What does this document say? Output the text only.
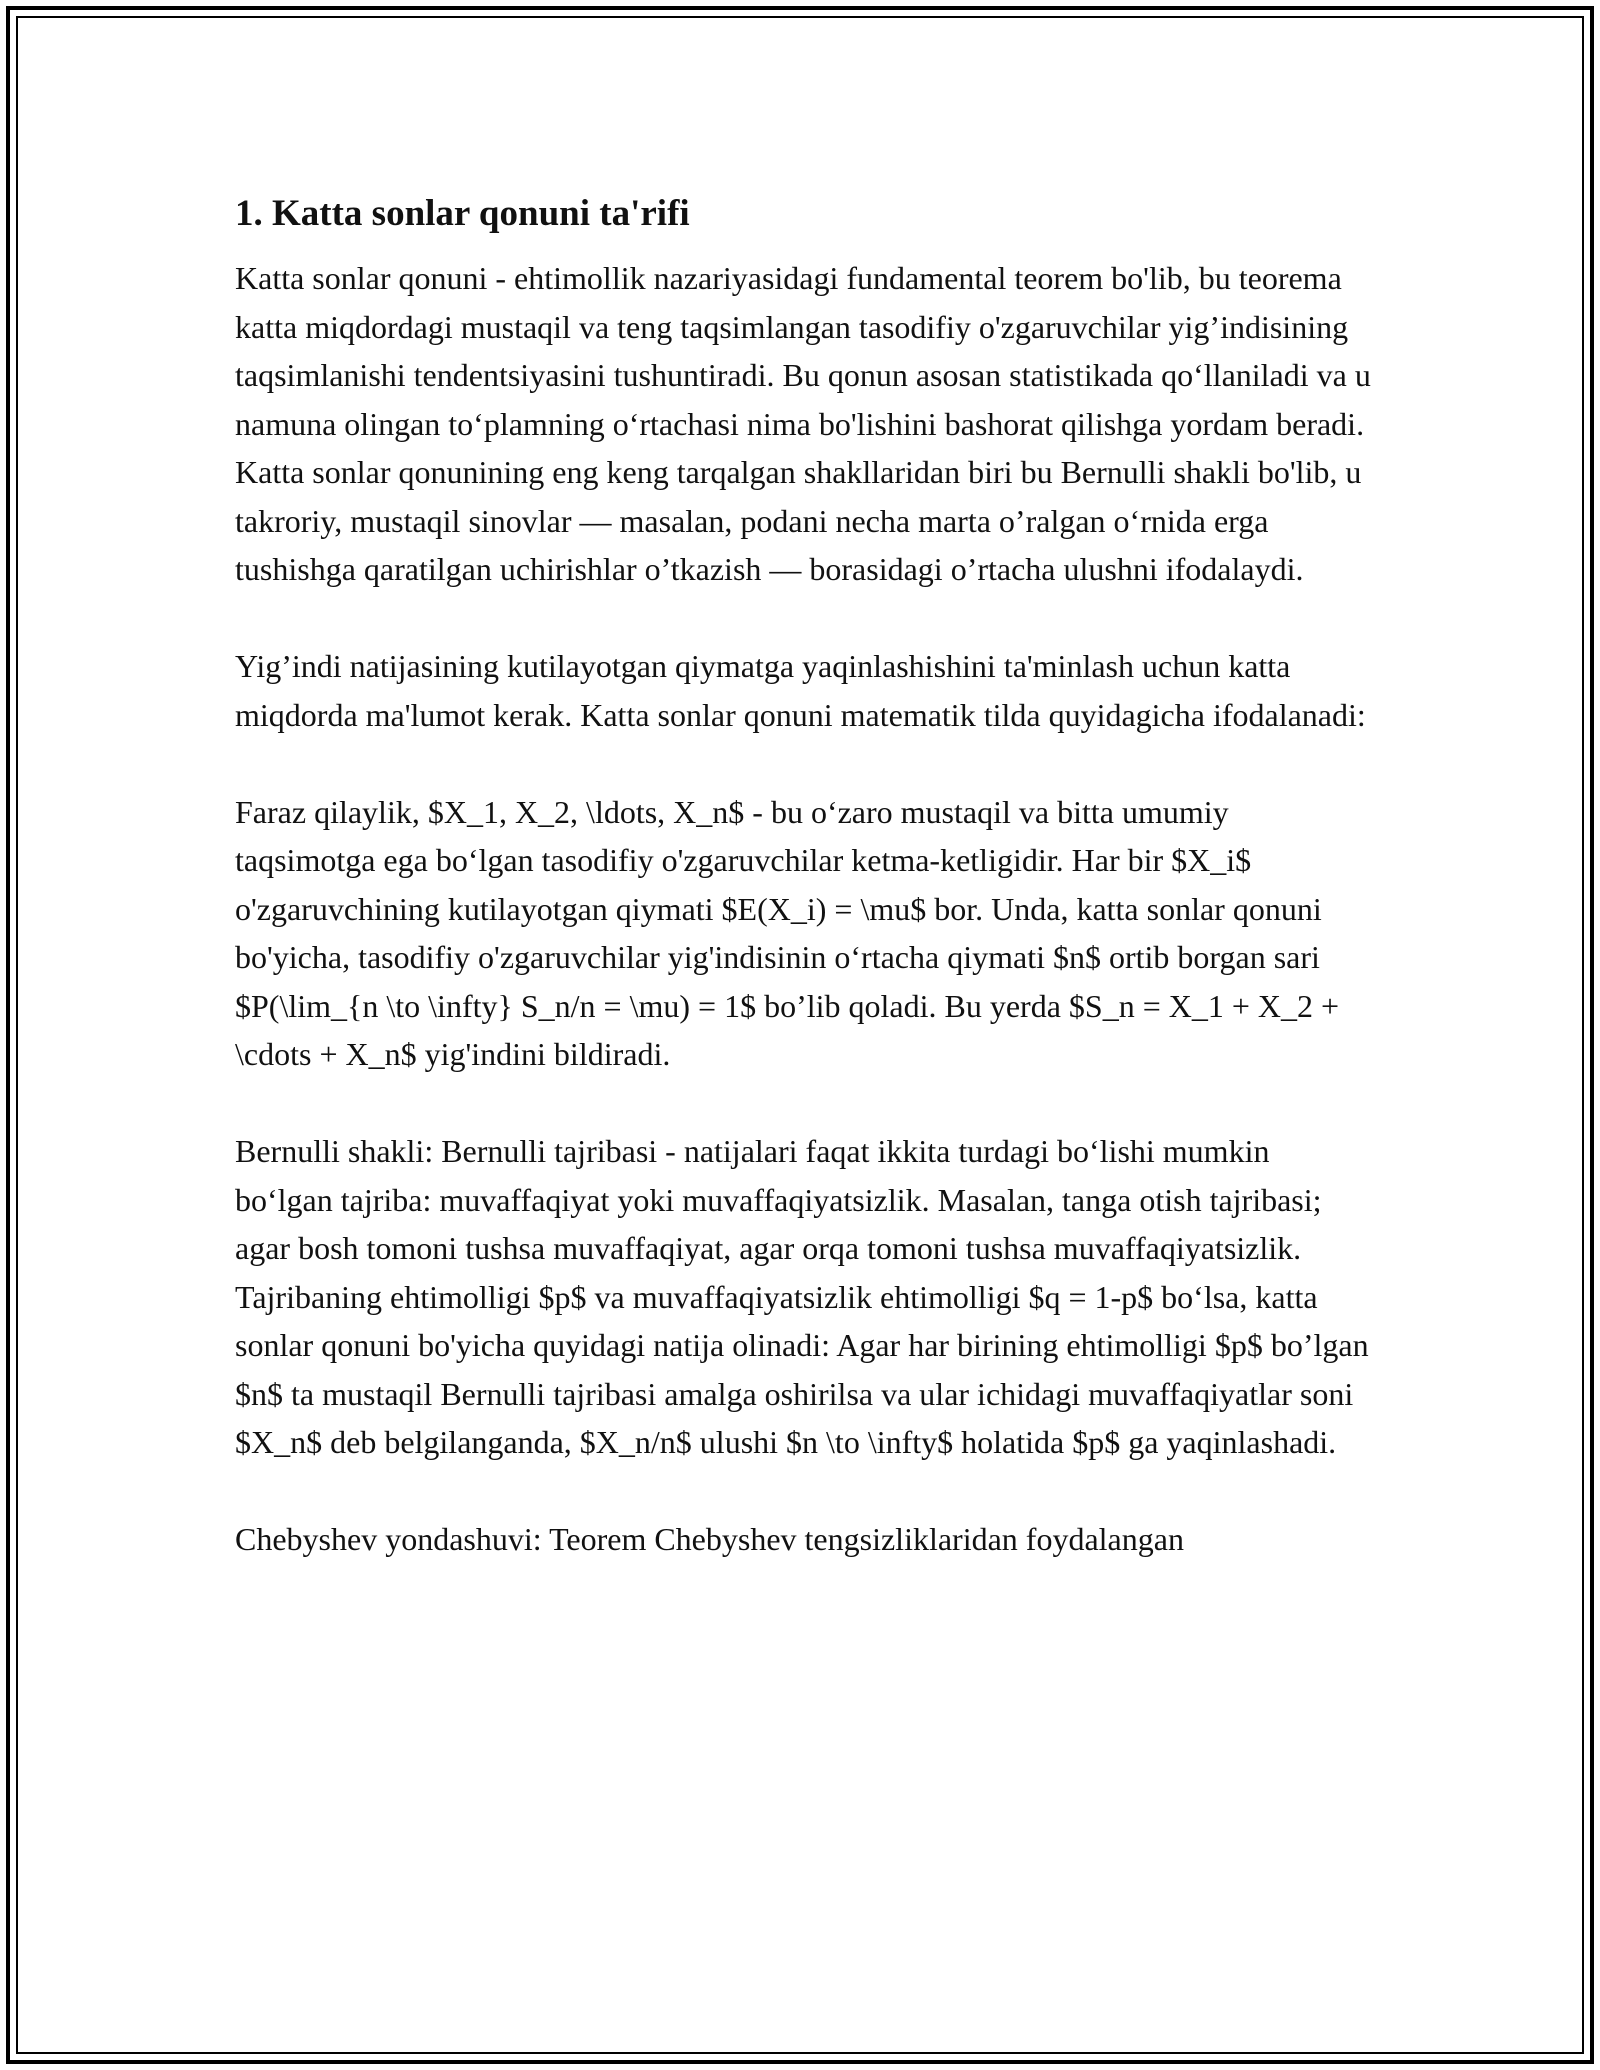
1. Katta sonlar qonuni ta'rifi

Katta sonlar qonuni - ehtimollik nazariyasidagi fundamental teorem bo'lib, bu teorema katta miqdordagi mustaqil va teng taqsimlangan tasodifiy o'zgaruvchilar yig’indisining taqsimlanishi tendentsiyasini tushuntiradi. Bu qonun asosan statistikada qo‘llaniladi va u namuna olingan to‘plamning o‘rtachasi nima bo'lishini bashorat qilishga yordam beradi. Katta sonlar qonunining eng keng tarqalgan shakllaridan biri bu Bernulli shakli bo'lib, u takroriy, mustaqil sinovlar — masalan, podani necha marta o’ralgan o‘rnida erga tushishga qaratilgan uchirishlar o’tkazish — borasidagi o’rtacha ulushni ifodalaydi.

Yig’indi natijasining kutilayotgan qiymatga yaqinlashishini ta'minlash uchun katta miqdorda ma'lumot kerak. Katta sonlar qonuni matematik tilda quyidagicha ifodalanadi:

Faraz qilaylik, $X_1, X_2, \ldots, X_n$ - bu o‘zaro mustaqil va bitta umumiy taqsimotga ega bo‘lgan tasodifiy o'zgaruvchilar ketma-ketligidir. Har bir $X_i$ o'zgaruvchining kutilayotgan qiymati $E(X_i) = \mu$ bor. Unda, katta sonlar qonuni bo'yicha, tasodifiy o'zgaruvchilar yig'indisinin o‘rtacha qiymati $n$ ortib borgan sari $P(\lim_{n \to \infty} S_n/n = \mu) = 1$ bo’lib qoladi. Bu yerda $S_n = X_1 + X_2 + \cdots + X_n$ yig'indini bildiradi.

Bernulli shakli: Bernulli tajribasi - natijalari faqat ikkita turdagi bo‘lishi mumkin bo‘lgan tajriba: muvaffaqiyat yoki muvaffaqiyatsizlik. Masalan, tanga otish tajribasi; agar bosh tomoni tushsa muvaffaqiyat, agar orqa tomoni tushsa muvaffaqiyatsizlik. Tajribaning ehtimolligi $p$ va muvaffaqiyatsizlik ehtimolligi $q = 1-p$ bo‘lsa, katta sonlar qonuni bo'yicha quyidagi natija olinadi: Agar har birining ehtimolligi $p$ bo’lgan $n$ ta mustaqil Bernulli tajribasi amalga oshirilsa va ular ichidagi muvaffaqiyatlar soni $X_n$ deb belgilanganda, $X_n/n$ ulushi $n \to \infty$ holatida $p$ ga yaqinlashadi.

Chebyshev yondashuvi: Teorem Chebyshev tengsizliklaridan foydalangan
